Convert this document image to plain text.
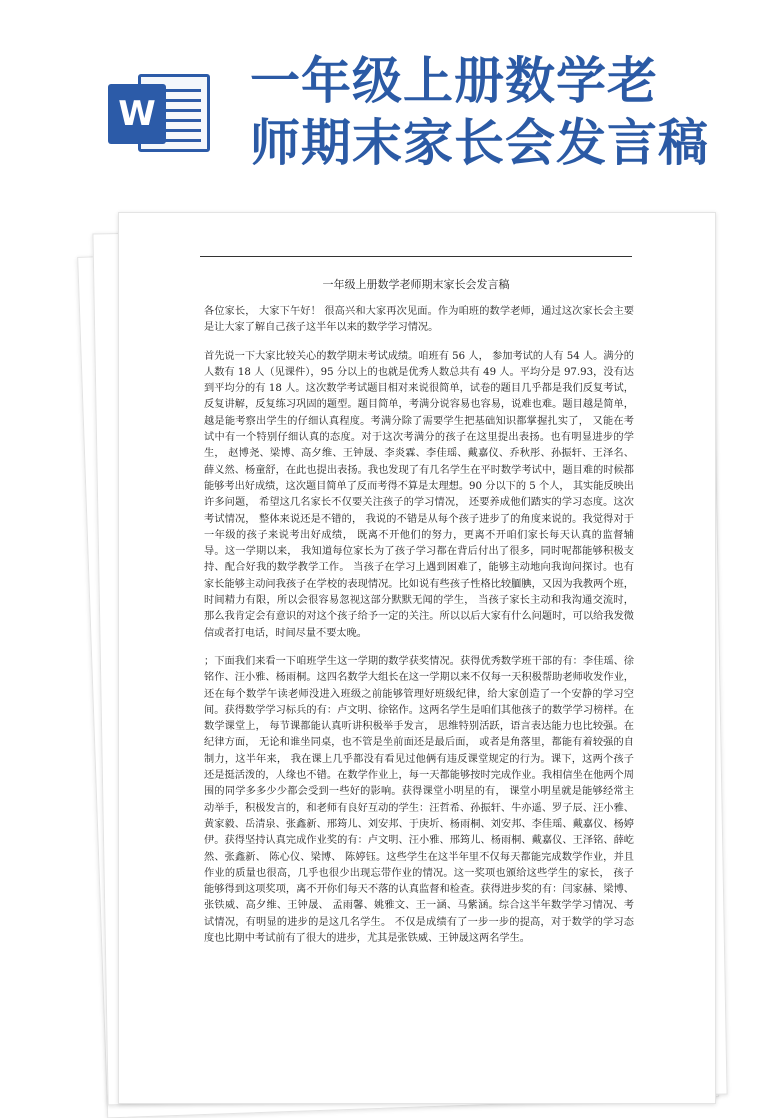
W
一年级上册数学老
师期末家长会发言稿

一年级上册数学老师期末家长会发言稿

各位家长， 大家下午好！ 很高兴和大家再次见面。作为咱班的数学老师，通过这次家长会主要是让大家了解自己孩子这半年以来的数学学习情况。

首先说一下大家比较关心的数学期末考试成绩。咱班有 56 人， 参加考试的人有 54 人。满分的人数有 18 人（见课件），95 分以上的也就是优秀人数总共有 49 人。平均分是 97.93，没有达到平均分的有 18 人。这次数学考试题目相对来说很简单，试卷的题目几乎都是我们反复考试，反复讲解，反复练习巩固的题型。题目简单，考满分说容易也容易，说难也难。题目越是简单， 越是能考察出学生的仔细认真程度。考满分除了需要学生把基础知识都掌握扎实了， 又能在考试中有一个特别仔细认真的态度。对于这次考满分的孩子在这里提出表扬。也有明显进步的学生， 赵博尧、梁博、高夕维、王钟晟、李炎霖、李佳瑶、戴嘉仪、乔秋彤、孙振轩、王泽名、薛义然、杨童舒，在此也提出表扬。我也发现了有几名学生在平时数学考试中，题目难的时候都能够考出好成绩，这次题目简单了反而考得不算是太理想。90 分以下的 5 个人， 其实能反映出许多问题， 希望这几名家长不仅要关注孩子的学习情况， 还要养成他们踏实的学习态度。这次考试情况， 整体来说还是不错的， 我说的不错是从每个孩子进步了的角度来说的。我觉得对于一年级的孩子来说考出好成绩， 既离不开他们的努力，更离不开咱们家长每天认真的监督辅导。这一学期以来， 我知道每位家长为了孩子学习都在背后付出了很多，同时呢都能够积极支持、配合好我的数学教学工作。 当孩子在学习上遇到困难了，能够主动地向我询问探讨。也有家长能够主动问我孩子在学校的表现情况。比如说有些孩子性格比较腼腆，又因为我教两个班， 时间精力有限，所以会很容易忽视这部分默默无闻的学生， 当孩子家长主动和我沟通交流时，那么我肯定会有意识的对这个孩子给予一定的关注。所以以后大家有什么问题时，可以给我发微信或者打电话，时间尽量不要太晚。

；下面我们来看一下咱班学生这一学期的数学获奖情况。获得优秀数学班干部的有：李佳瑶、徐铭作、汪小雅、杨雨桐。这四名数学大组长在这一学期以来不仅每一天积极帮助老师收发作业，还在每个数学午读老师没进入班级之前能够管理好班级纪律，给大家创造了一个安静的学习空间。获得数学学习标兵的有：卢文明、徐铭作。这两名学生是咱们其他孩子的数学学习榜样。在数学课堂上， 每节课都能认真听讲积极举手发言， 思维特别活跃，语言表达能力也比较强。在纪律方面， 无论和谁坐同桌，也不管是坐前面还是最后面， 或者是角落里，都能有着较强的自制力，这半年来， 我在课上几乎都没有看见过他俩有违反课堂规定的行为。课下，这两个孩子还是挺活泼的，人缘也不错。在数学作业上，每一天都能够按时完成作业。我相信坐在他两个周围的同学多多少少都会受到一些好的影响。获得课堂小明星的有， 课堂小明星就是能够经常主动举手，积极发言的，和老师有良好互动的学生：汪哲希、孙振轩、牛亦遥、罗子辰、汪小雅、黄家毅、岳清泉、张鑫新、邢筠儿、刘安邦、于庚圻、杨雨桐、刘安邦、李佳瑶、戴嘉仪、杨婷伊。获得坚持认真完成作业奖的有：卢文明、汪小雅、邢筠儿、杨雨桐、戴嘉仪、王泽铭、薛屹然、张鑫新、 陈心仪、梁博、 陈婷钰。这些学生在这半年里不仅每天都能完成数学作业，并且作业的质量也很高，几乎也很少出现忘带作业的情况。这一奖项也颁给这些学生的家长， 孩子能够得到这项奖项，离不开你们每天不落的认真监督和检查。获得进步奖的有：闫家赫、梁博、张铁威、高夕维、王钟晟、 孟雨馨、姚雅文、王一涵、马紫涵。综合这半年数学学习情况、考试情况，有明显的进步的是这几名学生。 不仅是成绩有了一步一步的提高，对于数学的学习态度也比期中考试前有了很大的进步，尤其是张铁威、王钟晟这两名学生。
